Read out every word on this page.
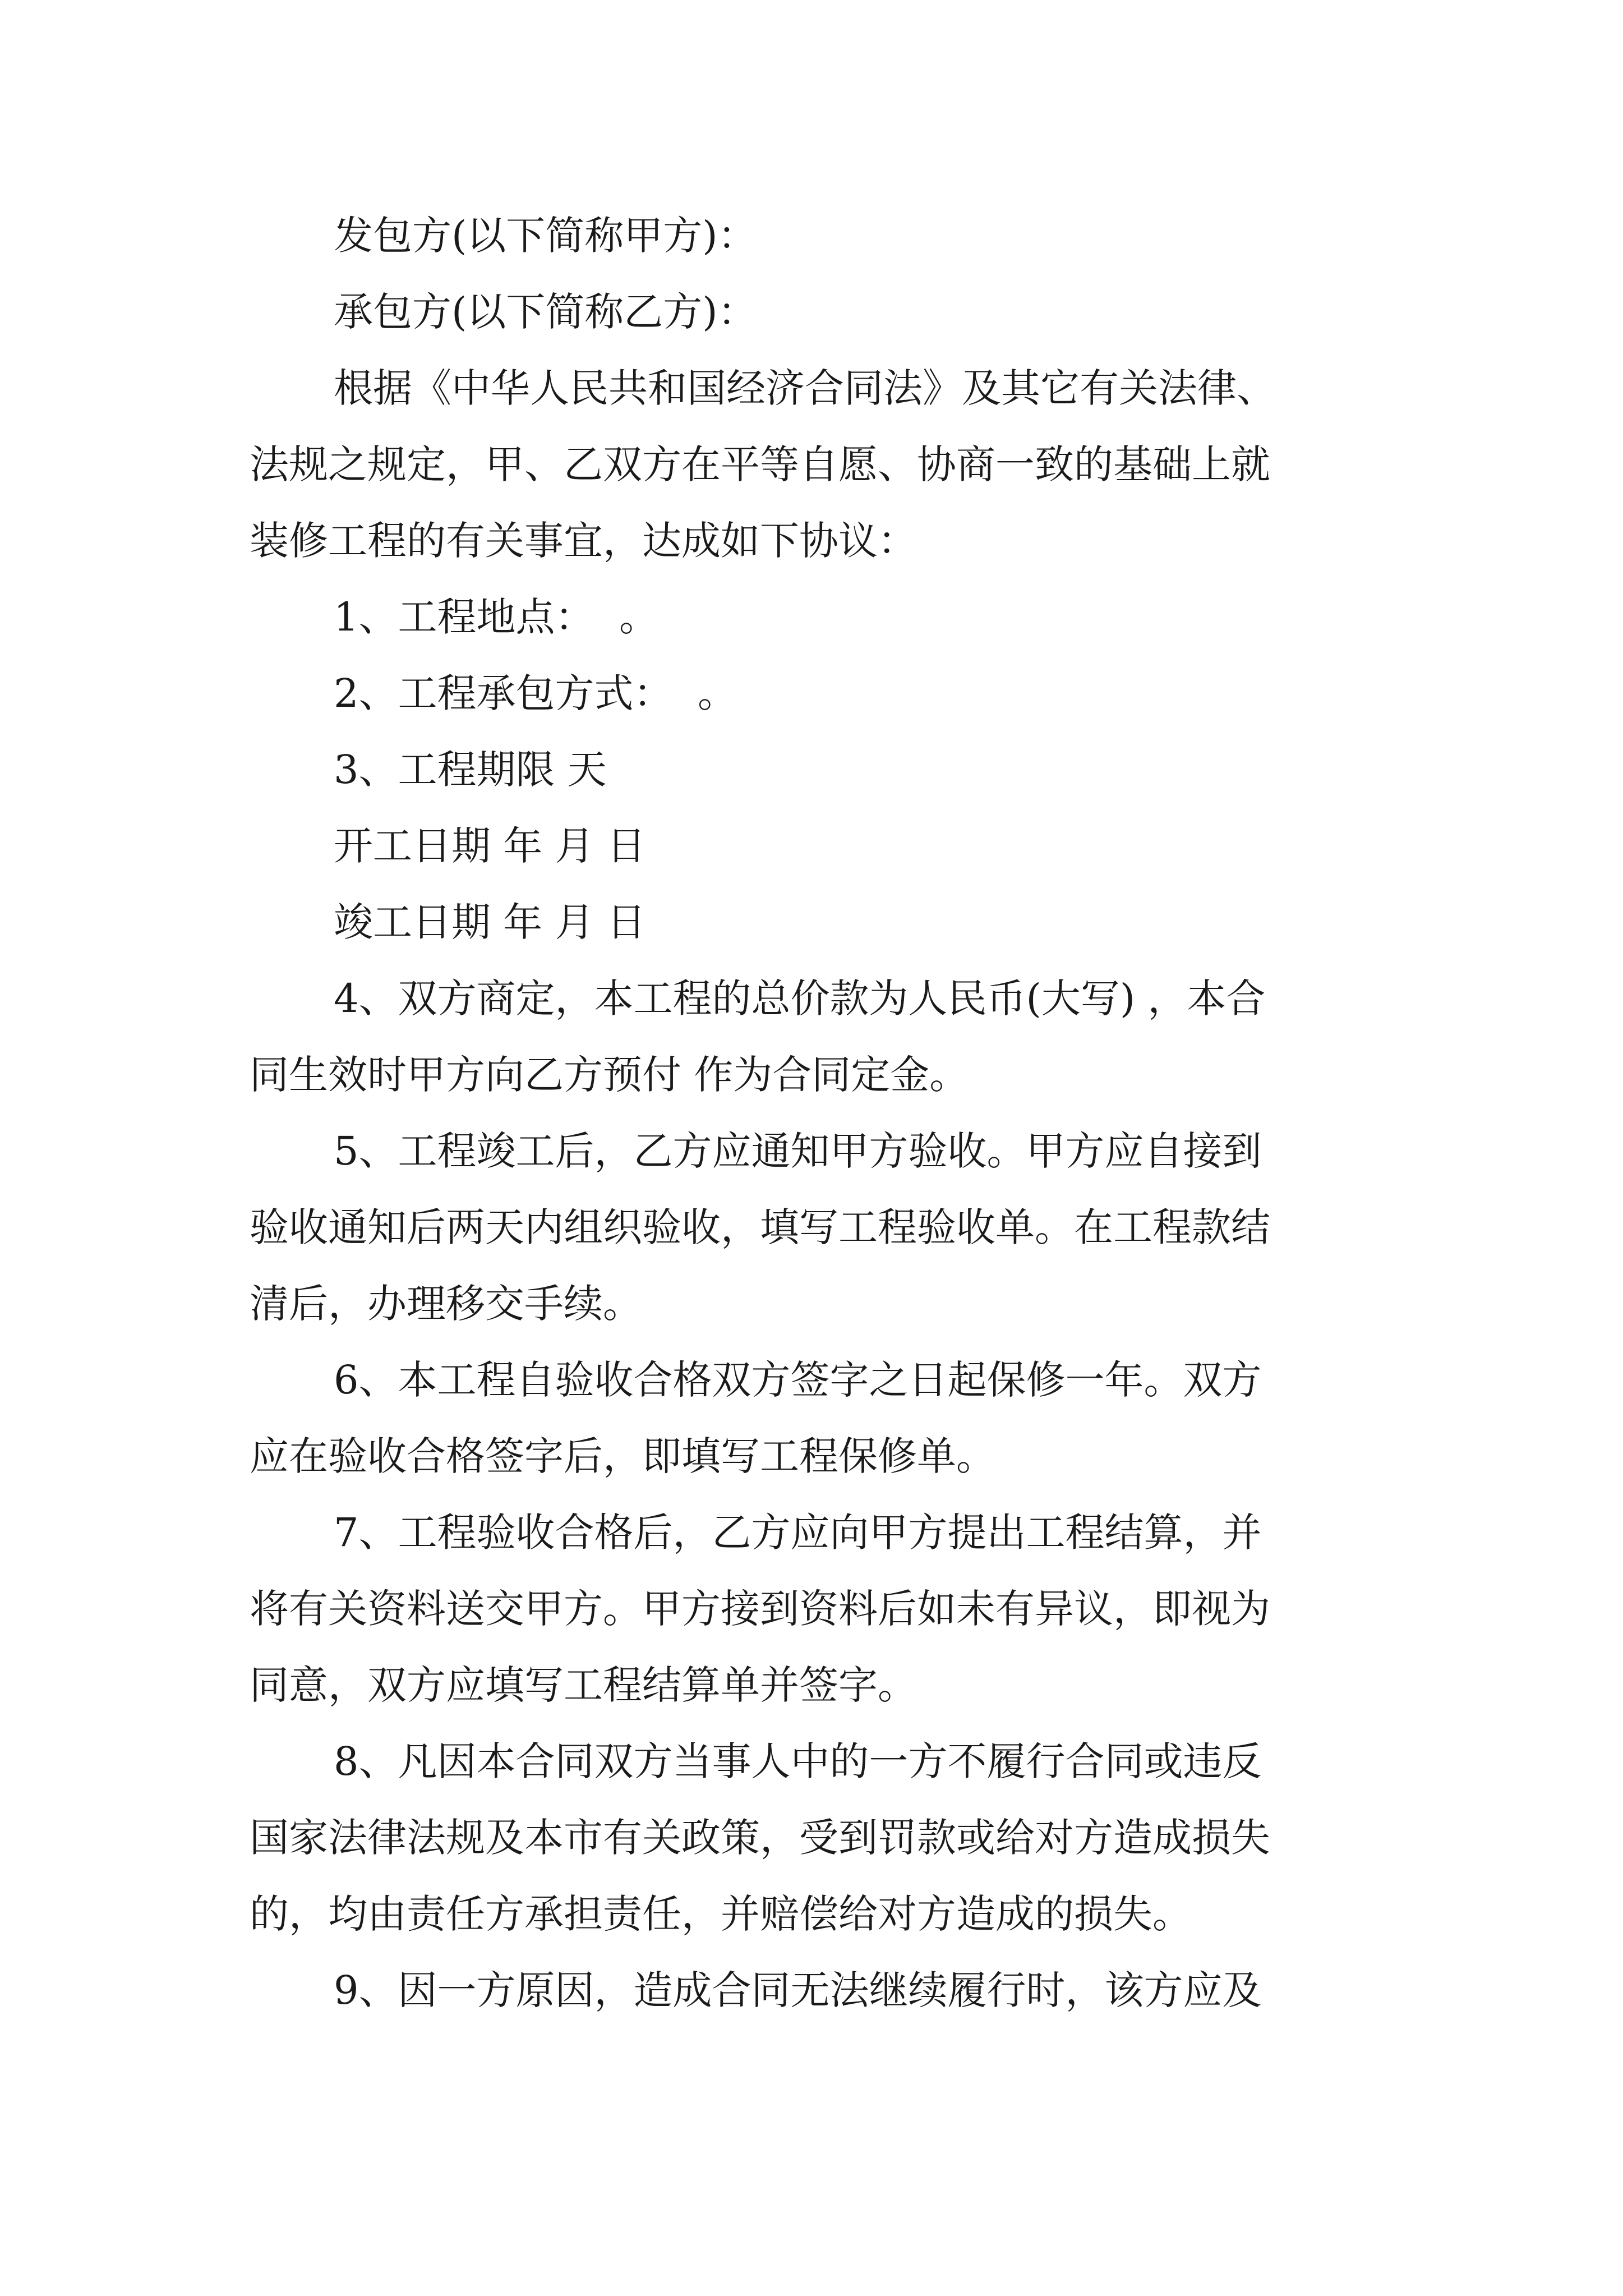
发包方(以下简称甲方)：
承包方(以下简称乙方)：
根据《中华人民共和国经济合同法》及其它有关法律、
法规之规定，甲、乙双方在平等自愿、协商一致的基础上就
装修工程的有关事宜，达成如下协议：
1、工程地点：  。
2、工程承包方式：  。
3、工程期限 天
开工日期 年 月 日
竣工日期 年 月 日
4、双方商定，本工程的总价款为人民币(大写) ，本合
同生效时甲方向乙方预付 作为合同定金。
5、工程竣工后，乙方应通知甲方验收。甲方应自接到
验收通知后两天内组织验收，填写工程验收单。在工程款结
清后，办理移交手续。
6、本工程自验收合格双方签字之日起保修一年。双方
应在验收合格签字后，即填写工程保修单。
7、工程验收合格后，乙方应向甲方提出工程结算，并
将有关资料送交甲方。甲方接到资料后如未有异议，即视为
同意，双方应填写工程结算单并签字。
8、凡因本合同双方当事人中的一方不履行合同或违反
国家法律法规及本市有关政策，受到罚款或给对方造成损失
的，均由责任方承担责任，并赔偿给对方造成的损失。
9、因一方原因，造成合同无法继续履行时，该方应及
